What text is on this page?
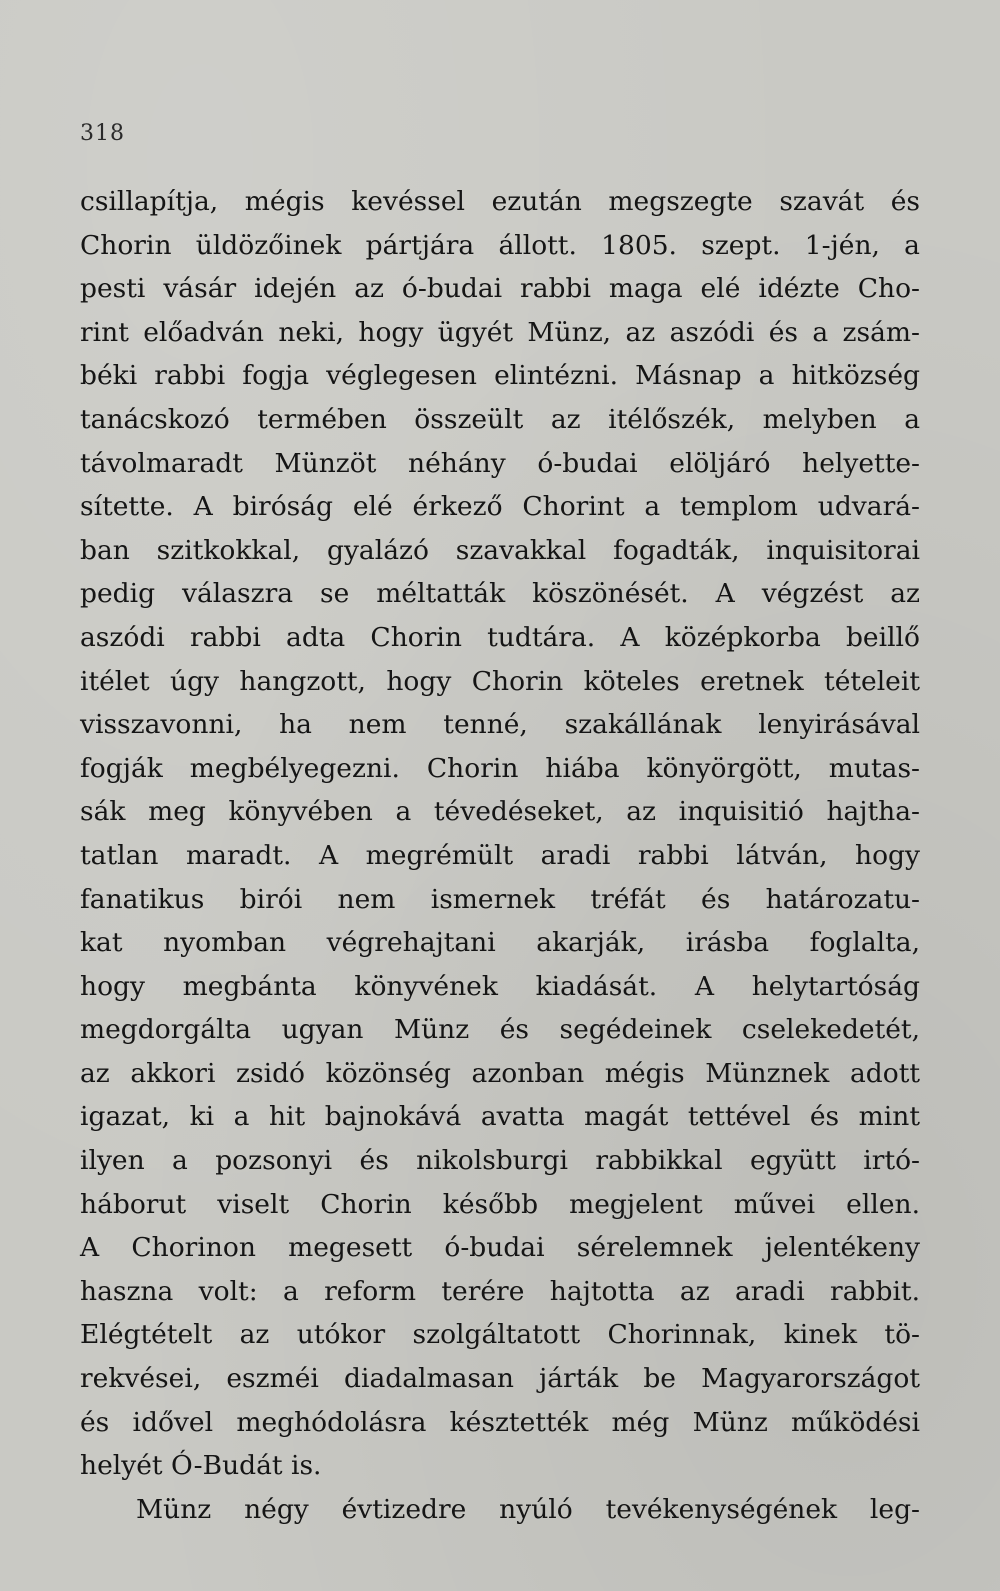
318
csillapítja, mégis kevéssel ezután megszegte szavát és
Chorin üldözőinek pártjára állott. 1805. szept. 1-jén, a
pesti vásár idején az ó-budai rabbi maga elé idézte Cho-
rint előadván neki, hogy ügyét Münz, az aszódi és a zsám-
béki rabbi fogja véglegesen elintézni. Másnap a hitközség
tanácskozó termében összeült az itélőszék, melyben a
távolmaradt Münzöt néhány ó-budai elöljáró helyette-
sítette. A biróság elé érkező Chorint a templom udvará-
ban szitkokkal, gyalázó szavakkal fogadták, inquisitorai
pedig válaszra se méltatták köszönését. A végzést az
aszódi rabbi adta Chorin tudtára. A középkorba beillő
itélet úgy hangzott, hogy Chorin köteles eretnek tételeit
visszavonni, ha nem tenné, szakállának lenyirásával
fogják megbélyegezni. Chorin hiába könyörgött, mutas-
sák meg könyvében a tévedéseket, az inquisitió hajtha-
tatlan maradt. A megrémült aradi rabbi látván, hogy
fanatikus birói nem ismernek tréfát és határozatu-
kat nyomban végrehajtani akarják, irásba foglalta,
hogy megbánta könyvének kiadását. A helytartóság
megdorgálta ugyan Münz és segédeinek cselekedetét,
az akkori zsidó közönség azonban mégis Münznek adott
igazat, ki a hit bajnokává avatta magát tettével és mint
ilyen a pozsonyi és nikolsburgi rabbikkal együtt irtó-
háborut viselt Chorin később megjelent művei ellen.
A Chorinon megesett ó-budai sérelemnek jelentékeny
haszna volt: a reform terére hajtotta az aradi rabbit.
Elégtételt az utókor szolgáltatott Chorinnak, kinek tö-
rekvései, eszméi diadalmasan járták be Magyarországot
és idővel meghódolásra késztették még Münz működési
helyét Ó-Budát is.
Münz négy évtizedre nyúló tevékenységének leg-
